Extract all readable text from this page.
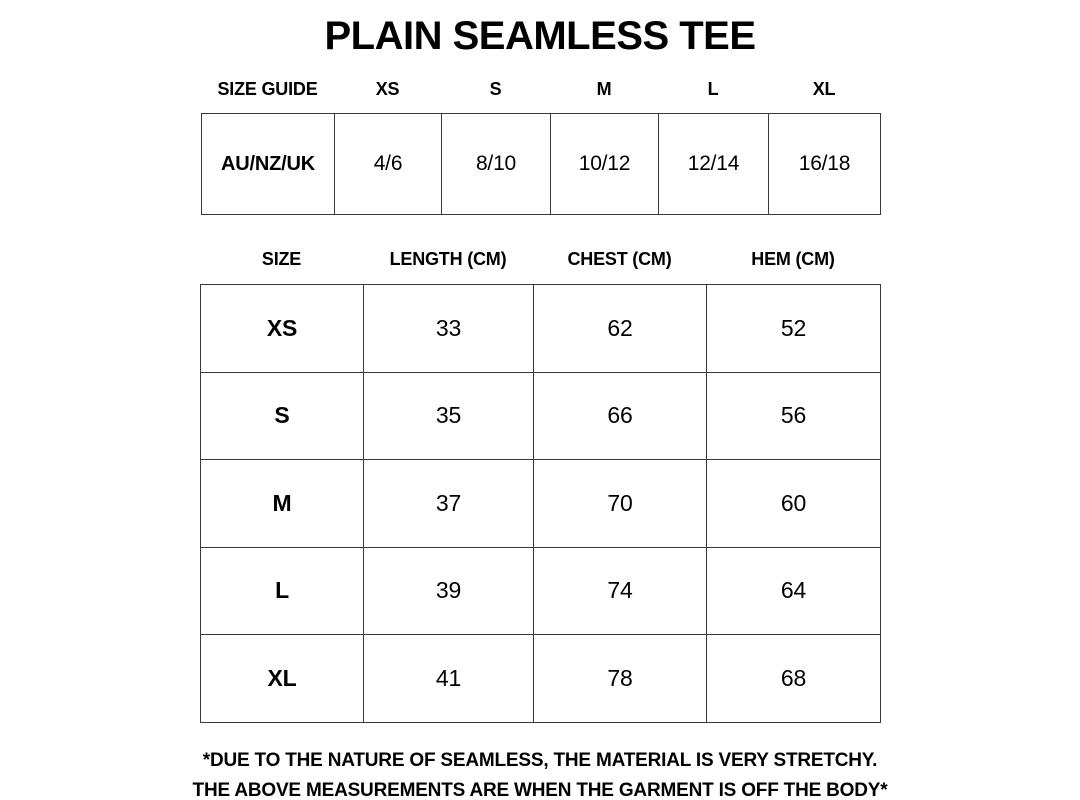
PLAIN SEAMLESS TEE
SIZE GUIDE	XS	S	M	L	XL
AU/NZ/UK	4/6	8/10	10/12	12/14	16/18
SIZE	LENGTH (CM)	CHEST (CM)	HEM (CM)
XS	33	62	52
S	35	66	56
M	37	70	60
L	39	74	64
XL	41	78	68
*DUE TO THE NATURE OF SEAMLESS, THE MATERIAL IS VERY STRETCHY.
THE ABOVE MEASUREMENTS ARE WHEN THE GARMENT IS OFF THE BODY*
